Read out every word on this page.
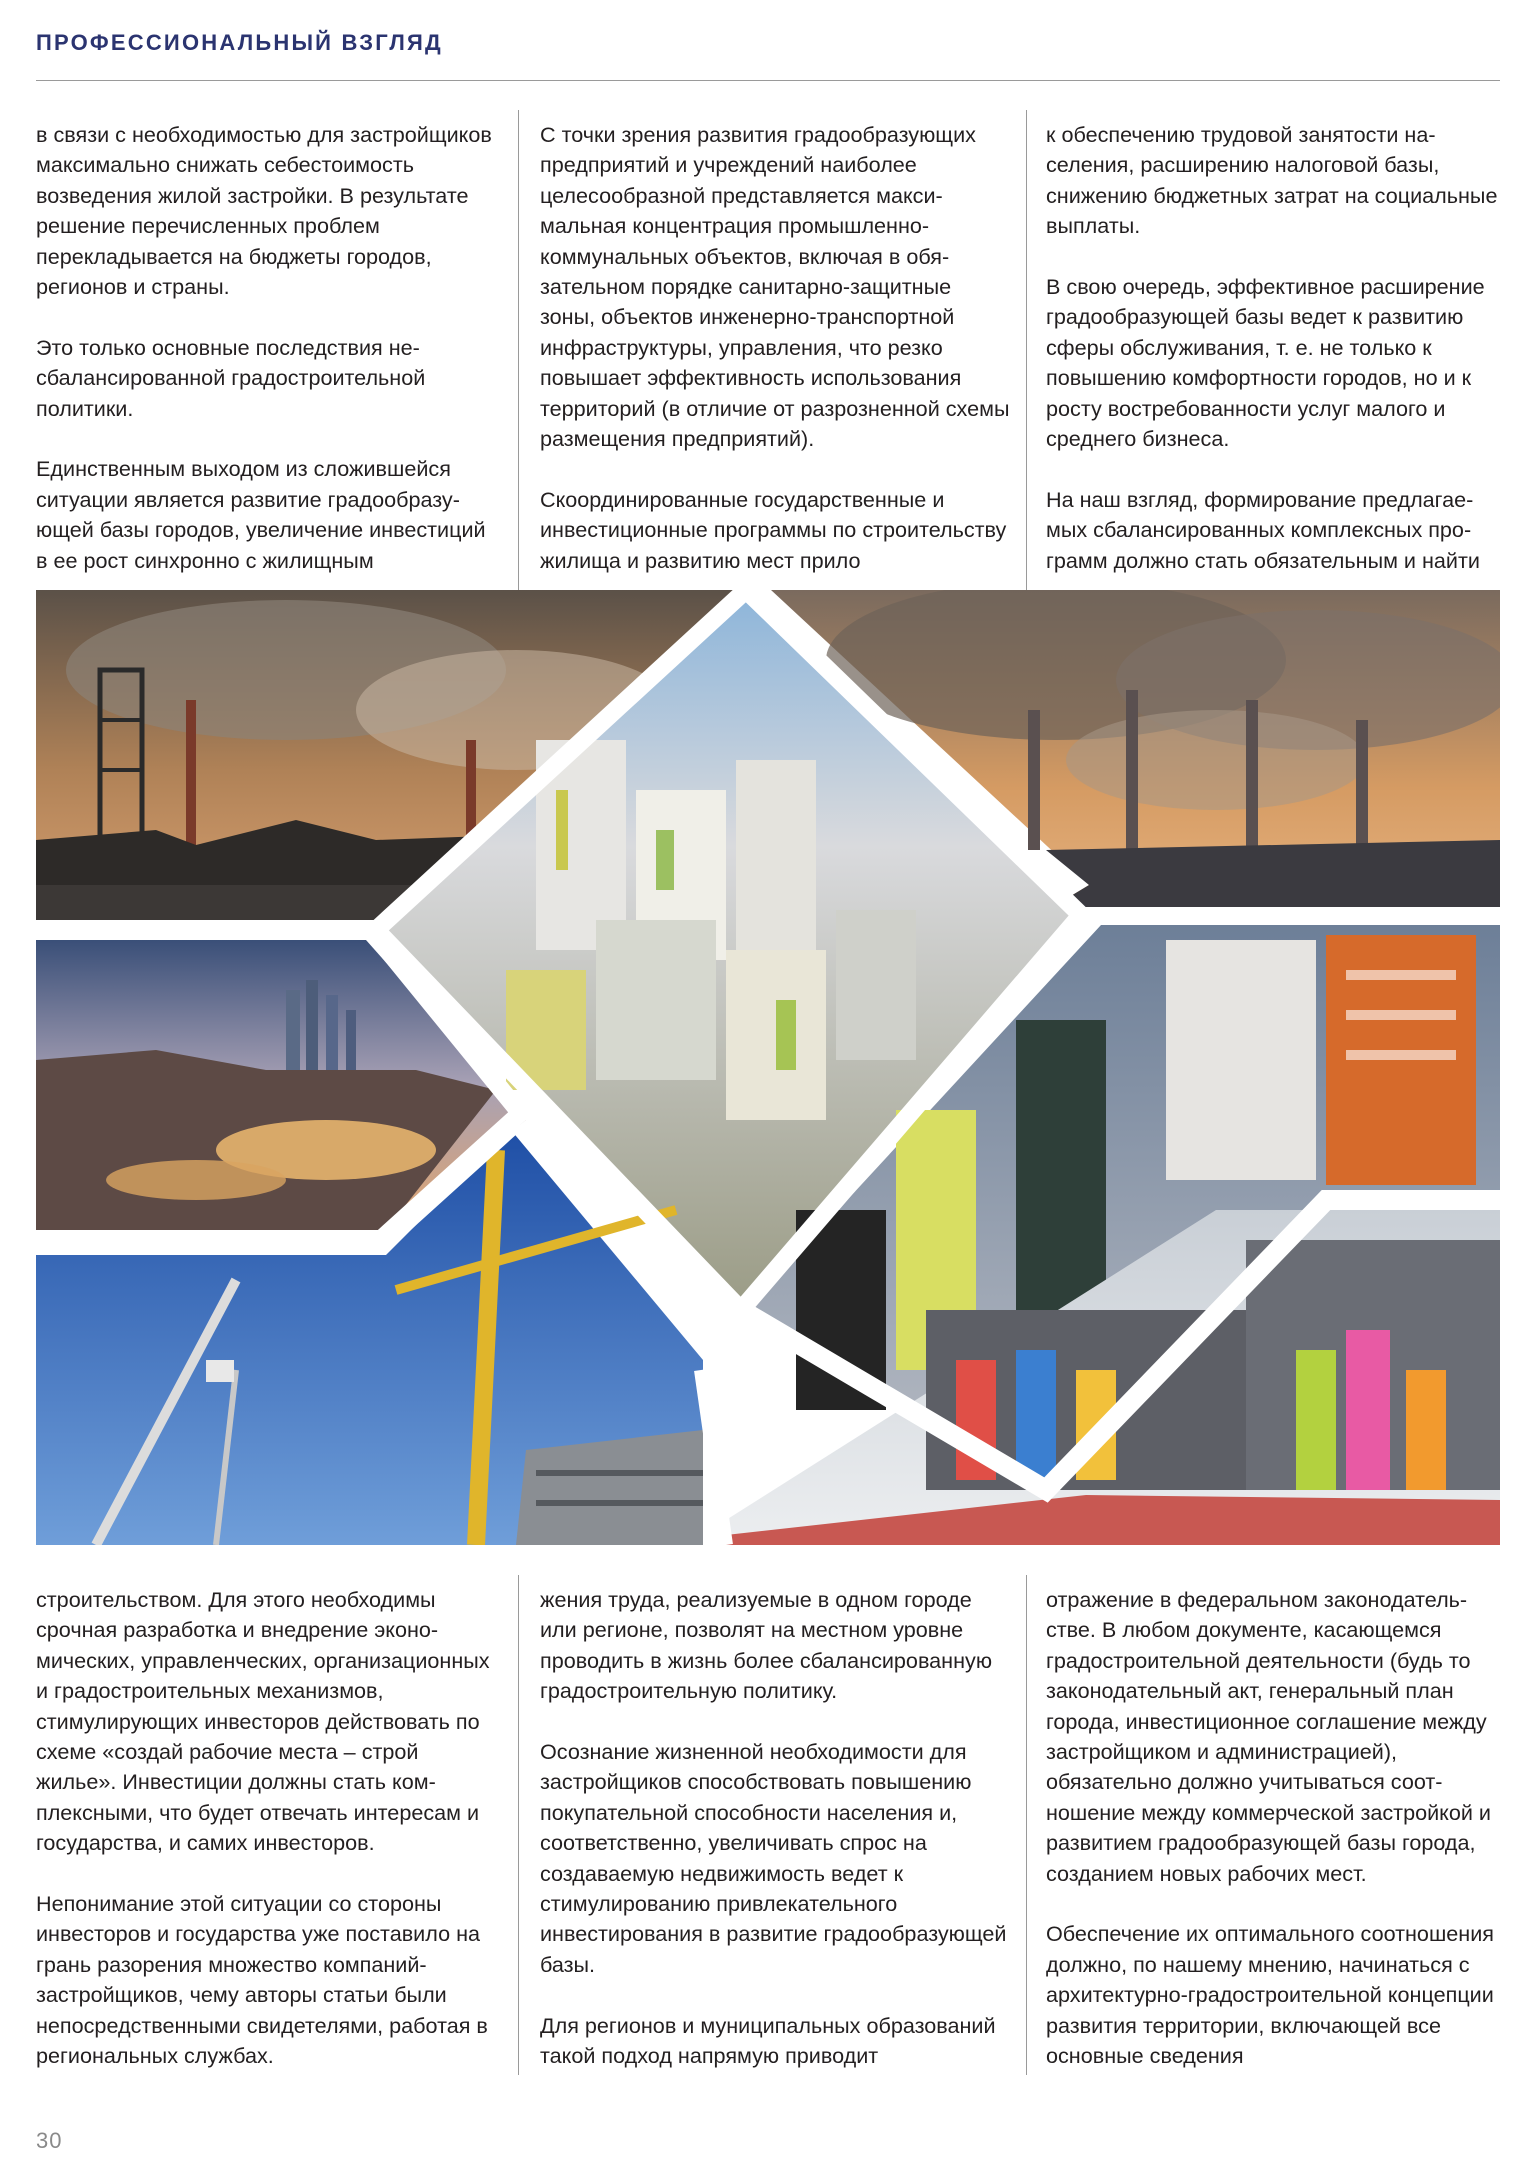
ПРОФЕССИОНАЛЬНЫЙ ВЗГЛЯД

в связи с необходимостью для застройщиков максимально снижать себестоимость возведения жилой застройки. В результате решение перечисленных проблем перекладывается на бюджеты городов, регионов и страны.

Это только основные последствия несбалансированной градостроительной политики.

Единственным выходом из сложившейся ситуации является развитие градообразующей базы городов, увеличение инвестиций в ее рост синхронно с жилищным

С точки зрения развития градообразующих предприятий и учреждений наиболее целесообразной представляется максимальная концентрация промышленно-коммунальных объектов, включая в обязательном порядке санитарно-защитные зоны, объектов инженерно-транспортной инфраструктуры, управления, что резко повышает эффективность использования территорий (в отличие от разрозненной схемы размещения предприятий).

Скоординированные государственные и инвестиционные программы по строительству жилища и развитию мест прило

к обеспечению трудовой занятости населения, расширению налоговой базы, снижению бюджетных затрат на социальные выплаты.

В свою очередь, эффективное расширение градообразующей базы ведет к развитию сферы обслуживания, т. е. не только к повышению комфортности городов, но и к росту востребованности услуг малого и среднего бизнеса.

На наш взгляд, формирование предлагаемых сбалансированных комплексных программ должно стать обязательным и найти

строительством. Для этого необходимы срочная разработка и внедрение экономических, управленческих, организационных и градостроительных механизмов, стимулирующих инвесторов действовать по схеме «создай рабочие места – строй жилье». Инвестиции должны стать комплексными, что будет отвечать интересам и государства, и самих инвесторов.

Непонимание этой ситуации со стороны инвесторов и государства уже поставило на грань разорения множество компаний-застройщиков, чему авторы статьи были непосредственными свидетелями, работая в региональных службах.

жения труда, реализуемые в одном городе или регионе, позволят на местном уровне проводить в жизнь более сбалансированную градостроительную политику.

Осознание жизненной необходимости для застройщиков способствовать повышению покупательной способности населения и, соответственно, увеличивать спрос на создаваемую недвижимость ведет к стимулированию привлекательного инвестирования в развитие градообразующей базы.

Для регионов и муниципальных образований такой подход напрямую приводит

отражение в федеральном законодательстве. В любом документе, касающемся градостроительной деятельности (будь то законодательный акт, генеральный план города, инвестиционное соглашение между застройщиком и администрацией), обязательно должно учитываться соотношение между коммерческой застройкой и развитием градообразующей базы города, созданием новых рабочих мест.

Обеспечение их оптимального соотношения должно, по нашему мнению, начинаться с архитектурно-градостроительной концепции развития территории, включающей все основные сведения

30
